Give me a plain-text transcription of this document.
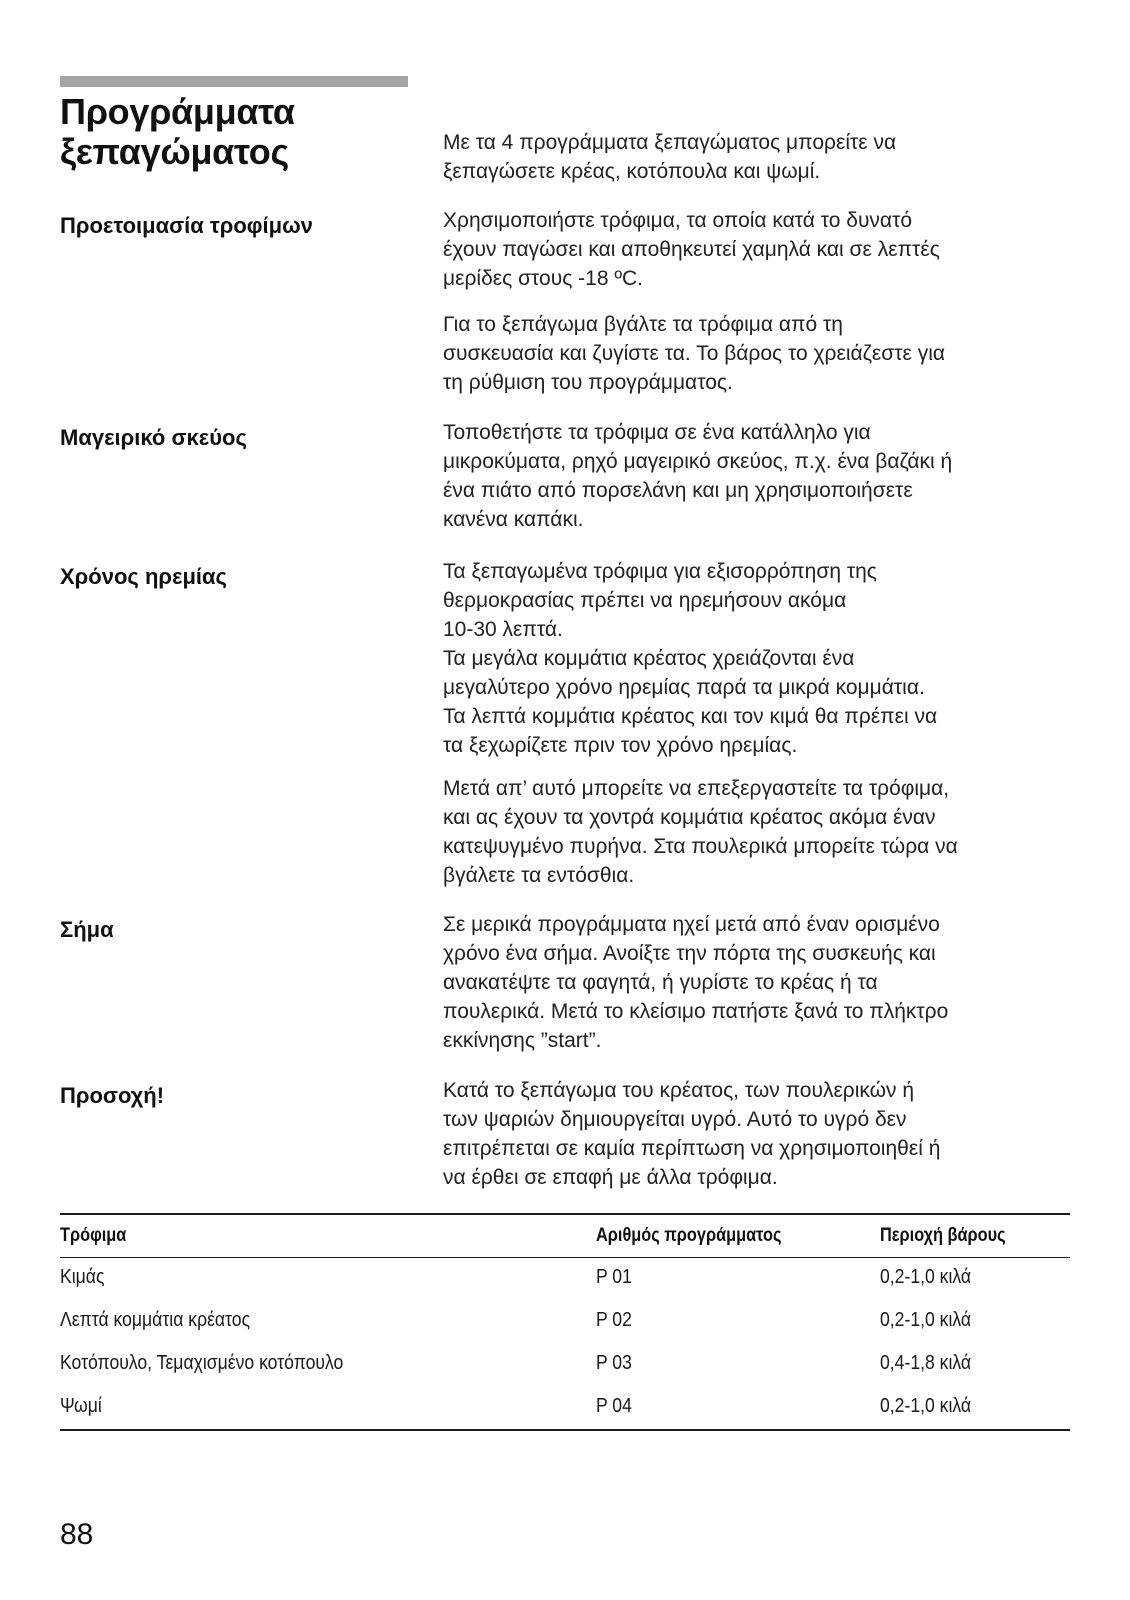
Προγράμματα
ξεπαγώματος	Με τα 4 προγράμματα ξεπαγώματος μπορείτε να
ξεπαγώσετε κρέας, κοτόπουλα και ψωμί.

Προετοιμασία τροφίμων	Χρησιμοποιήστε τρόφιμα, τα οποία κατά το δυνατό
έχουν παγώσει και αποθηκευτεί χαμηλά και σε λεπτές
μερίδες στους -18 ºC.

Για το ξεπάγωμα βγάλτε τα τρόφιμα από τη
συσκευασία και ζυγίστε τα. Το βάρος το χρειάζεστε για
τη ρύθμιση του προγράμματος.

Μαγειρικό σκεύος	Τοποθετήστε τα τρόφιμα σε ένα κατάλληλο για
μικροκύματα, ρηχό μαγειρικό σκεύος, π.χ. ένα βαζάκι ή
ένα πιάτο από πορσελάνη και μη χρησιμοποιήσετε
κανένα καπάκι.

Χρόνος ηρεμίας	Τα ξεπαγωμένα τρόφιμα για εξισορρόπηση της
θερμοκρασίας πρέπει να ηρεμήσουν ακόμα
10-30 λεπτά.
Τα μεγάλα κομμάτια κρέατος χρειάζονται ένα
μεγαλύτερο χρόνο ηρεμίας παρά τα μικρά κομμάτια.
Τα λεπτά κομμάτια κρέατος και τον κιμά θα πρέπει να
τα ξεχωρίζετε πριν τον χρόνο ηρεμίας.

Μετά απ’ αυτό μπορείτε να επεξεργαστείτε τα τρόφιμα,
και ας έχουν τα χοντρά κομμάτια κρέατος ακόμα έναν
κατεψυγμένο πυρήνα. Στα πουλερικά μπορείτε τώρα να
βγάλετε τα εντόσθια.

Σήμα	Σε μερικά προγράμματα ηχεί μετά από έναν ορισμένο
χρόνο ένα σήμα. Ανοίξτε την πόρτα της συσκευής και
ανακατέψτε τα φαγητά, ή γυρίστε το κρέας ή τα
πουλερικά. Μετά το κλείσιμο πατήστε ξανά το πλήκτρο
εκκίνησης ”start”.

Προσοχή!	Κατά το ξεπάγωμα του κρέατος, των πουλερικών ή
των ψαριών δημιουργείται υγρό. Αυτό το υγρό δεν
επιτρέπεται σε καμία περίπτωση να χρησιμοποιηθεί ή
να έρθει σε επαφή με άλλα τρόφιμα.

Τρόφιμα	Αριθμός προγράμματος	Περιοχή βάρους
Κιμάς	P 01	0,2-1,0 κιλά
Λεπτά κομμάτια κρέατος	P 02	0,2-1,0 κιλά
Κοτόπουλο, Τεμαχισμένο κοτόπουλο	P 03	0,4-1,8 κιλά
Ψωμί	P 04	0,2-1,0 κιλά
88
